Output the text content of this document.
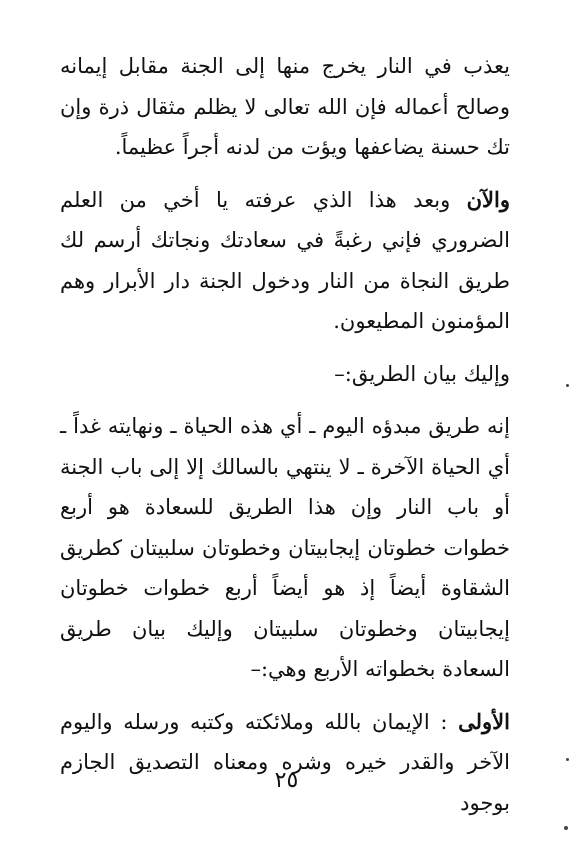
يعذب في النار يخرج منها إلى الجنة مقابل إيمانه وصالح أعماله فإن الله تعالى لا يظلم مثقال ذرة وإن تك حسنة يضاعفها ويؤت من لدنه أجراً عظيماً.

والآن وبعد هذا الذي عرفته يا أخي من العلم الضروري فإني رغبةً في سعادتك ونجاتك أرسم لك طريق النجاة من النار ودخول الجنة دار الأبرار وهم المؤمنون المطيعون.

وإليك بيان الطريق:–

إنه طريق مبدؤه اليوم ـ أي هذه الحياة ـ ونهايته غداً ـ أي الحياة الآخرة ـ لا ينتهي بالسالك إلا إلى باب الجنة أو باب النار وإن هذا الطريق للسعادة هو أربع خطوات خطوتان إيجابيتان وخطوتان سلبيتان كطريق الشقاوة أيضاً إذ هو أيضاً أربع خطوات خطوتان إيجابيتان وخطوتان سلبيتان وإليك بيان طريق السعادة بخطواته الأربع وهي:–

الأولى : الإيمان بالله وملائكته وكتبه ورسله واليوم الآخر والقدر خيره وشره ومعناه التصديق الجازم بوجود

٢٥
